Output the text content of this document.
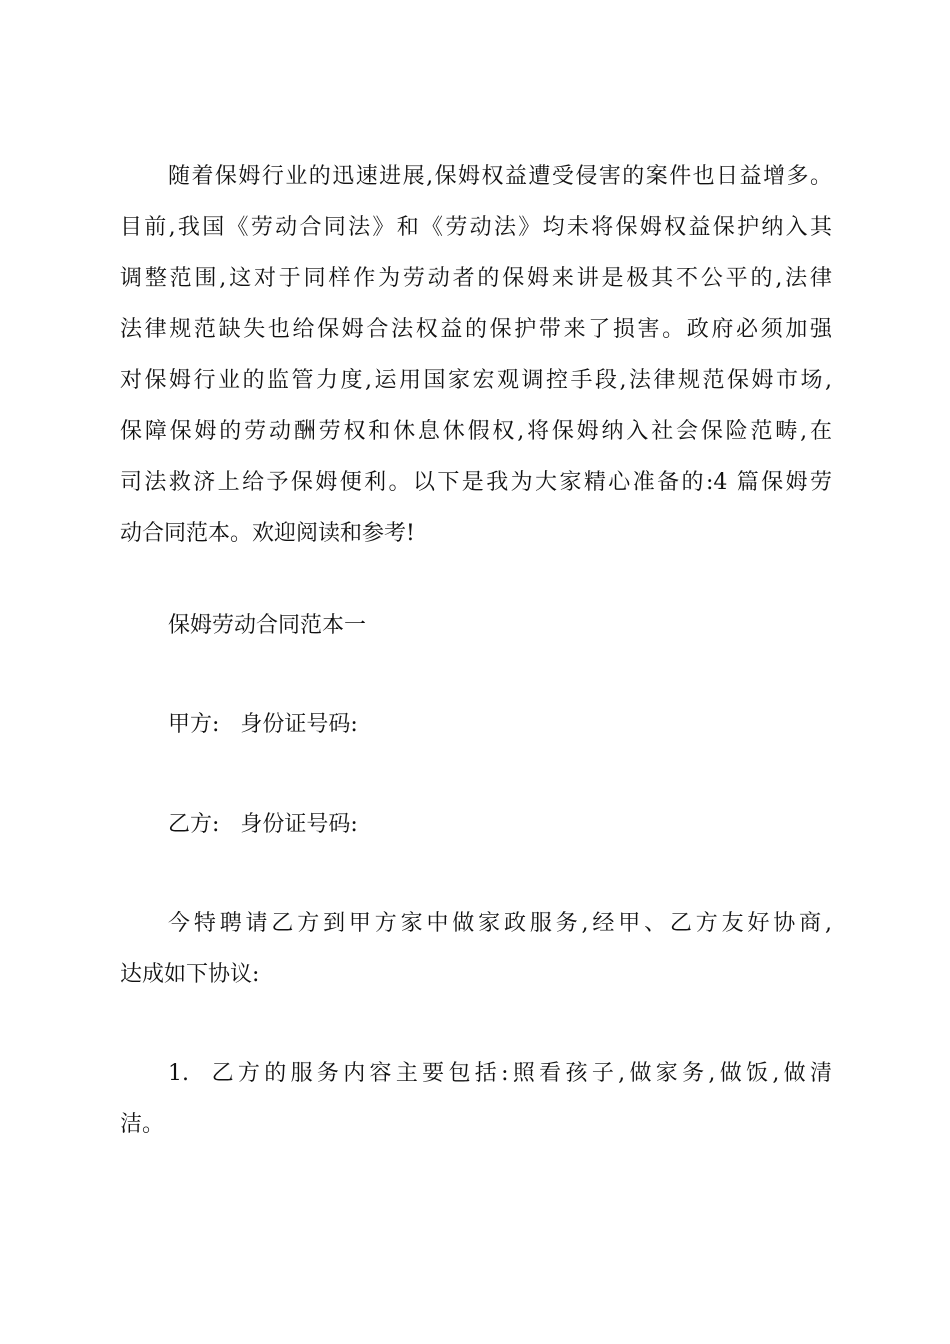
随着保姆行业的迅速进展,保姆权益遭受侵害的案件也日益增多。
目前,我国《劳动合同法》和《劳动法》均未将保姆权益保护纳入其
调整范围,这对于同样作为劳动者的保姆来讲是极其不公平的,法律
法律规范缺失也给保姆合法权益的保护带来了损害。政府必须加强
对保姆行业的监管力度,运用国家宏观调控手段,法律规范保姆市场,
保障保姆的劳动酬劳权和休息休假权,将保姆纳入社会保险范畴,在
司法救济上给予保姆便利。以下是我为大家精心准备的:4 篇保姆劳
动合同范本。欢迎阅读和参考!
保姆劳动合同范本一
甲方:   身份证号码:
乙方:   身份证号码:
今特聘请乙方到甲方家中做家政服务,经甲、乙方友好协商,
达成如下协议:
1.  乙方的服务内容主要包括:照看孩子,做家务,做饭,做清
洁。
